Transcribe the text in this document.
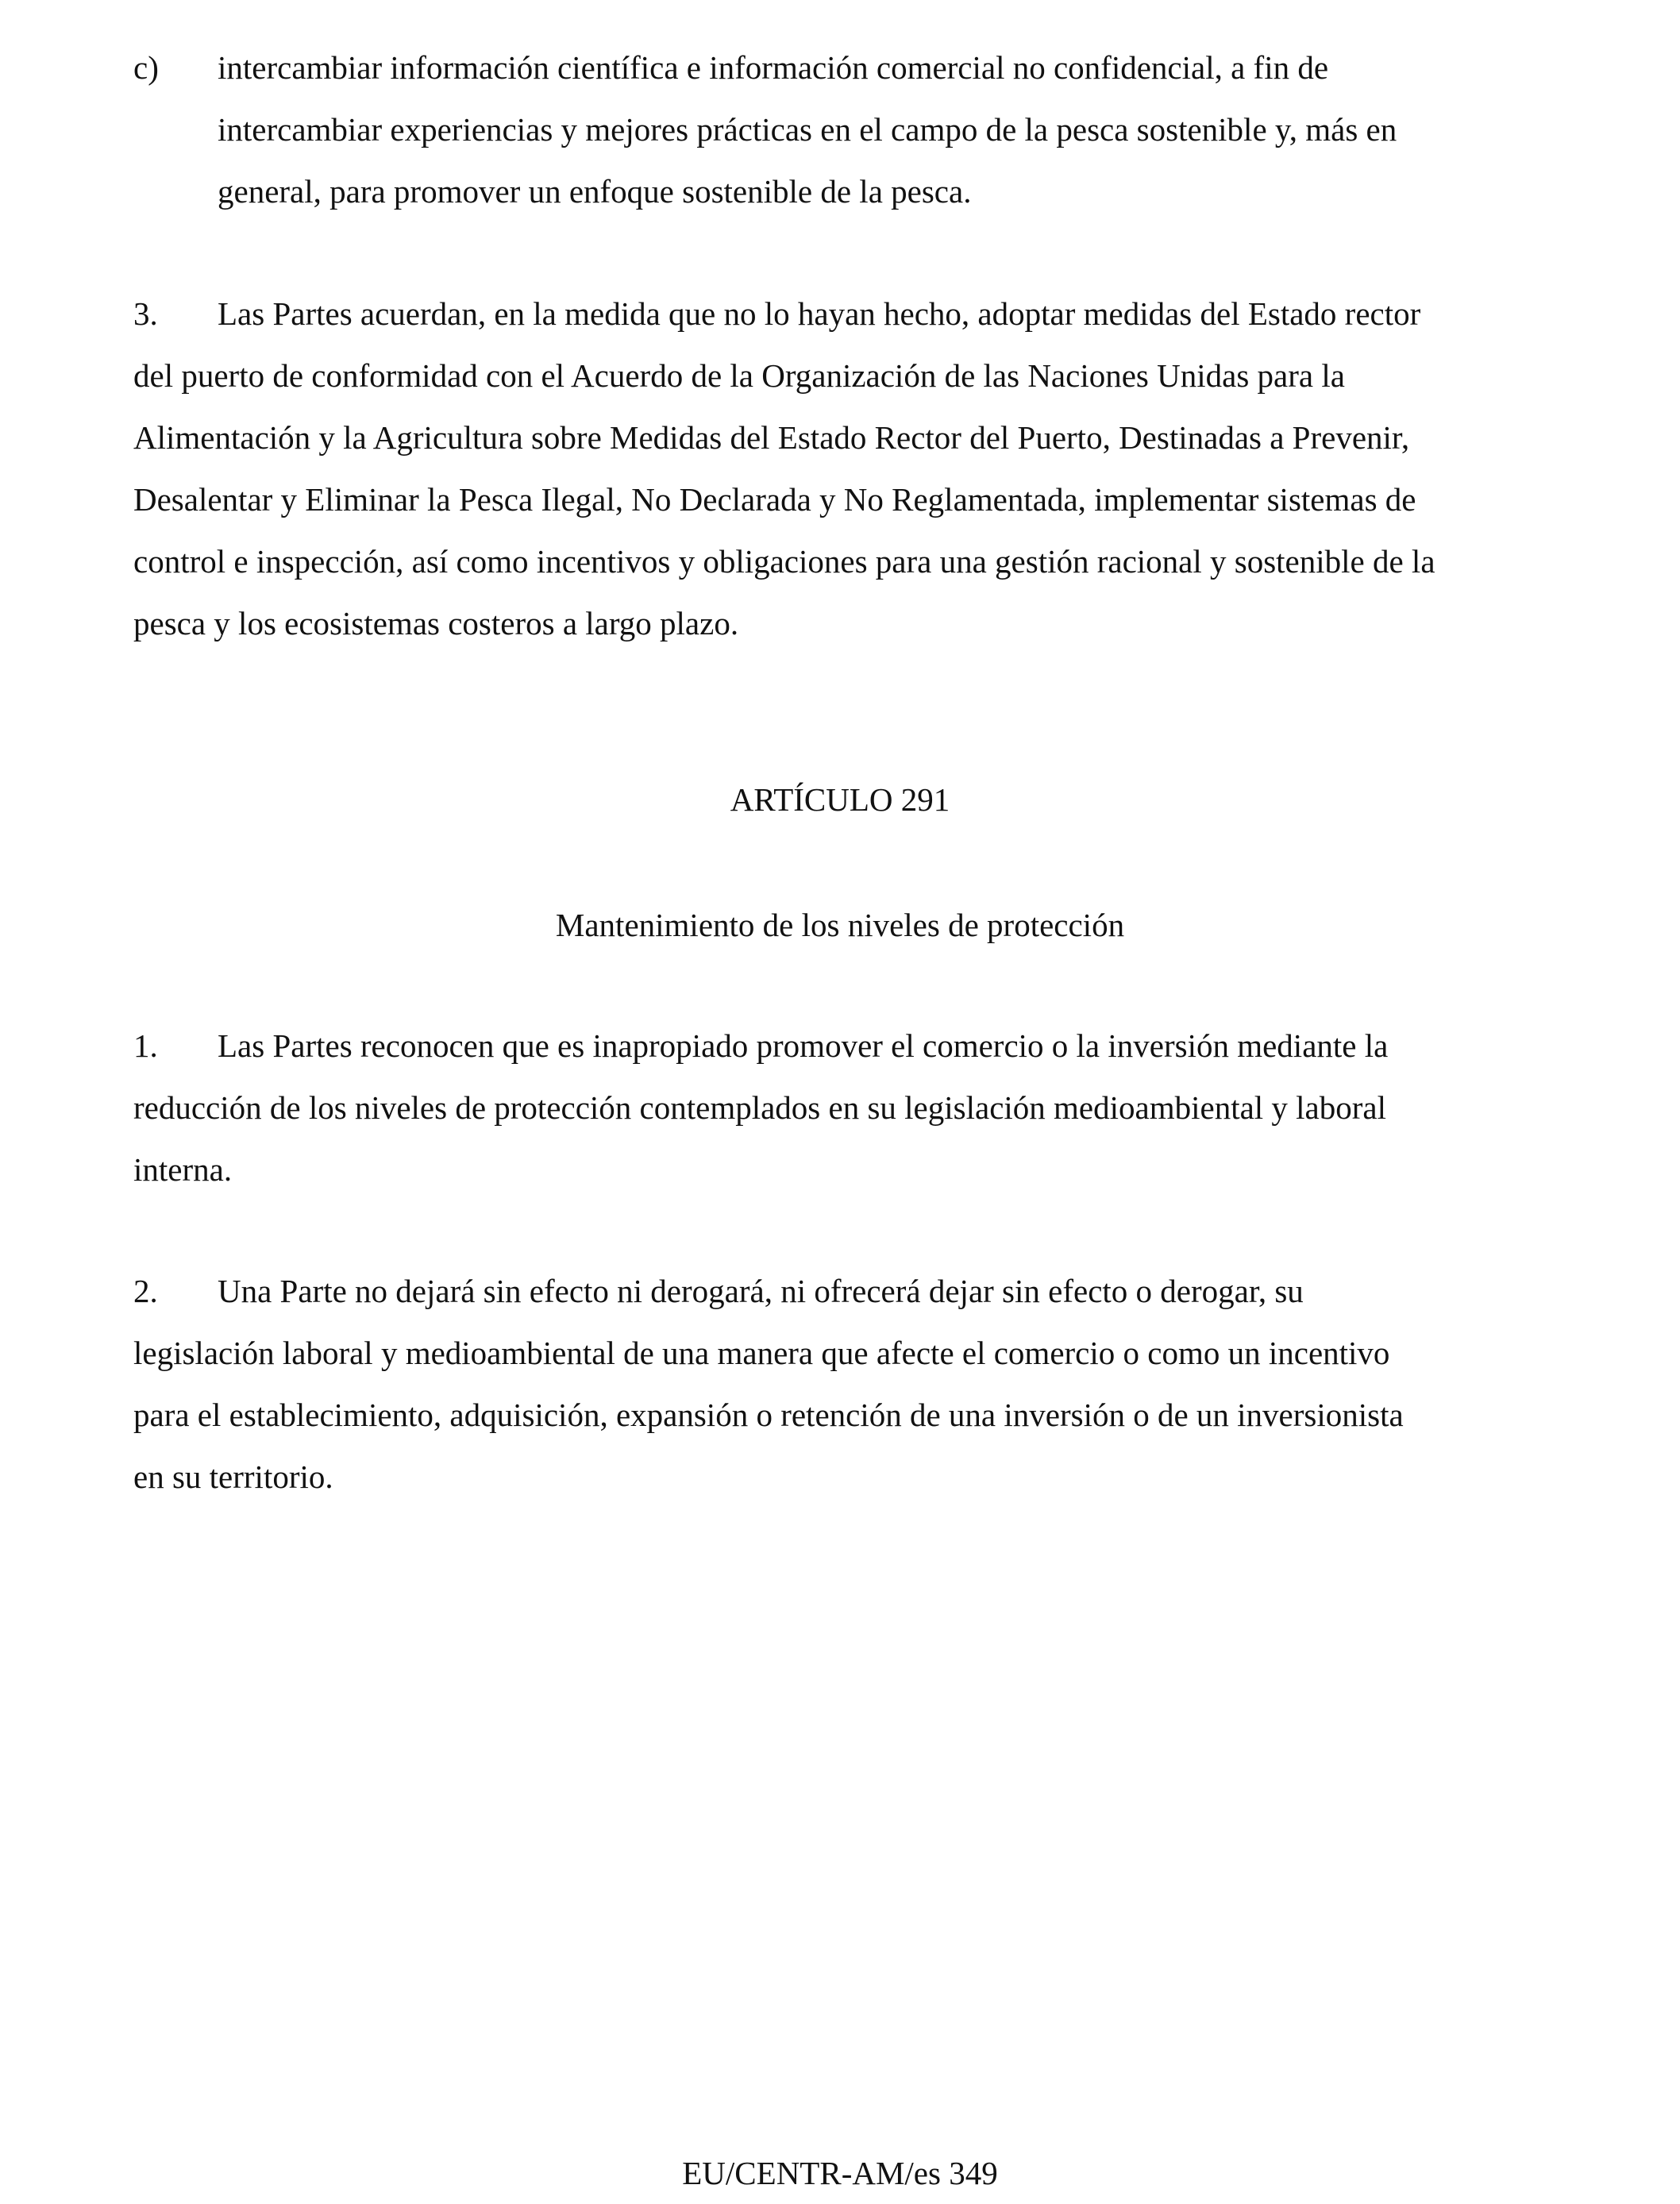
c) intercambiar información científica e información comercial no confidencial, a fin de
intercambiar experiencias y mejores prácticas en el campo de la pesca sostenible y, más en
general, para promover un enfoque sostenible de la pesca.
3. Las Partes acuerdan, en la medida que no lo hayan hecho, adoptar medidas del Estado rector
del puerto de conformidad con el Acuerdo de la Organización de las Naciones Unidas para la
Alimentación y la Agricultura sobre Medidas del Estado Rector del Puerto, Destinadas a Prevenir,
Desalentar y Eliminar la Pesca Ilegal, No Declarada y No Reglamentada, implementar sistemas de
control e inspección, así como incentivos y obligaciones para una gestión racional y sostenible de la
pesca y los ecosistemas costeros a largo plazo.

ARTÍCULO 291

Mantenimiento de los niveles de protección

1. Las Partes reconocen que es inapropiado promover el comercio o la inversión mediante la
reducción de los niveles de protección contemplados en su legislación medioambiental y laboral
interna.
2. Una Parte no dejará sin efecto ni derogará, ni ofrecerá dejar sin efecto o derogar, su
legislación laboral y medioambiental de una manera que afecte el comercio o como un incentivo
para el establecimiento, adquisición, expansión o retención de una inversión o de un inversionista
en su territorio.

EU/CENTR-AM/es 349
